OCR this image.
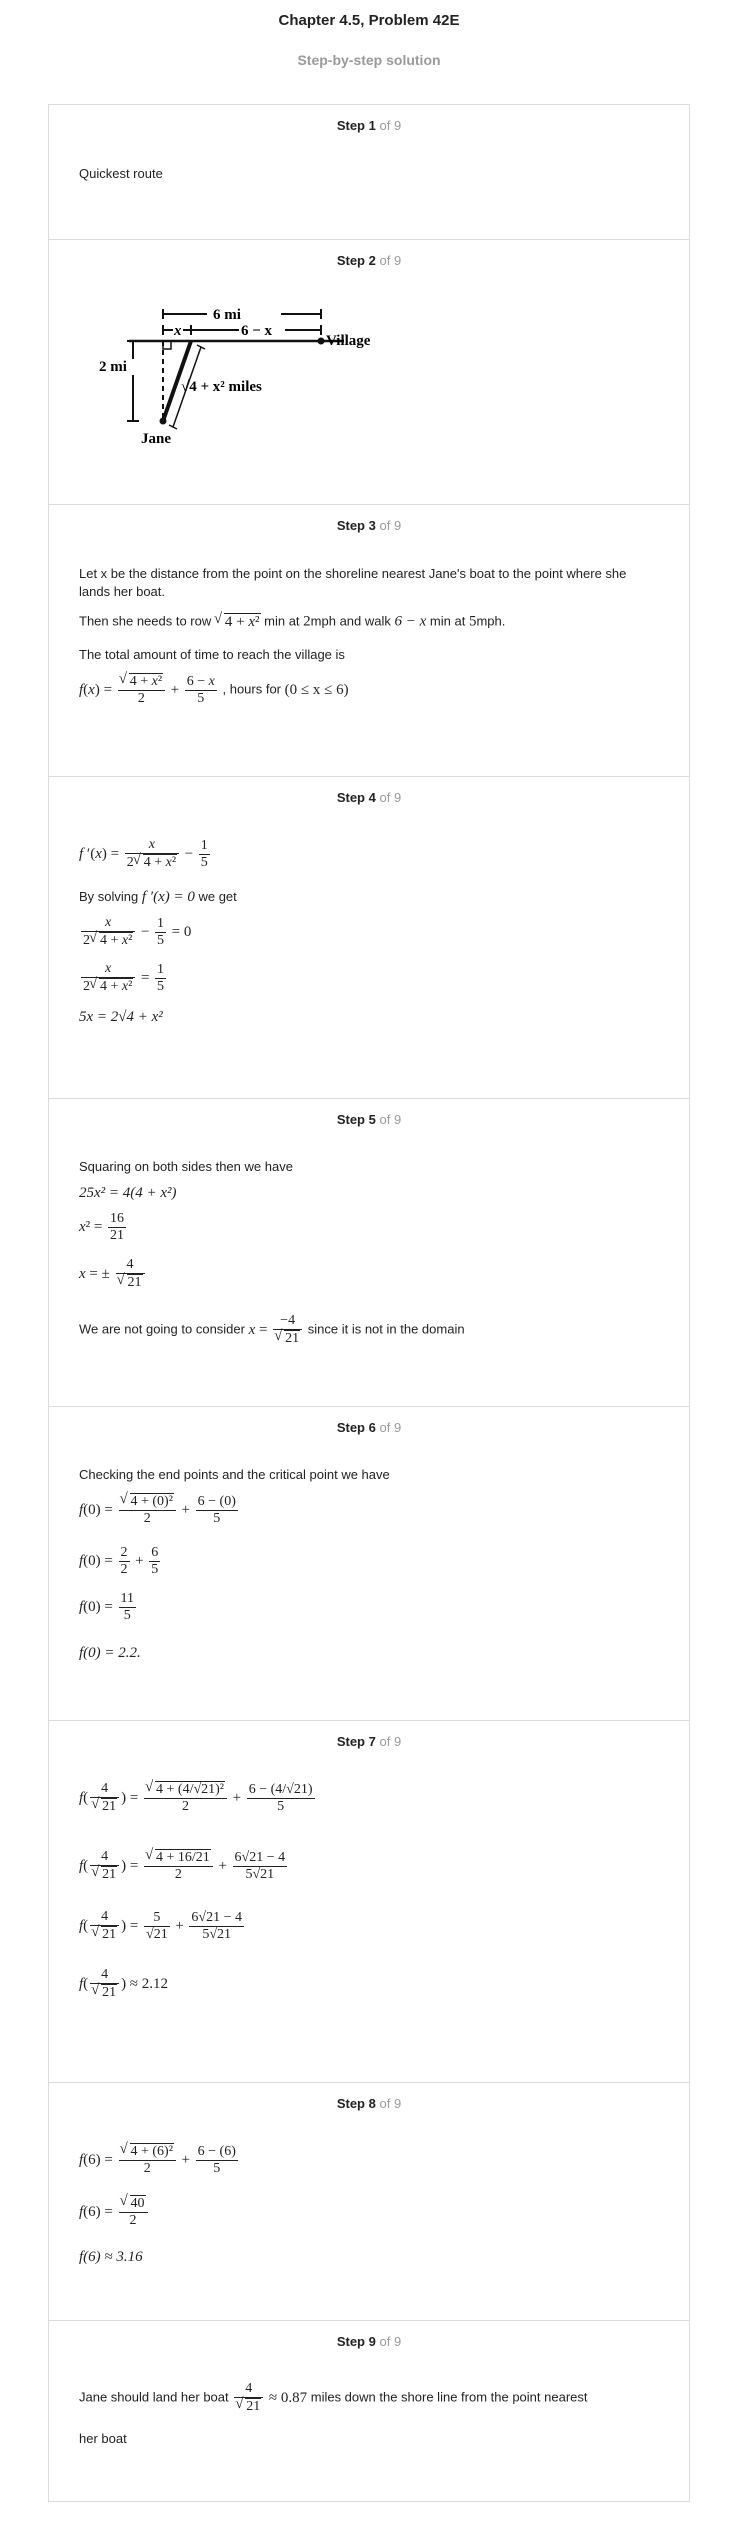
Chapter 4.5, Problem 42E
Step-by-step solution
Step 1 of 9
Quickest route
Step 2 of 9
6 mi
x	6 − x
Village
2 mi
√4 + x² miles
Jane
Step 3 of 9
Let x be the distance from the point on the shoreline nearest Jane's boat to the point where she lands her boat.
Then she needs to row √ 4 + x² min at 2mph and walk 6 − x min at 5mph.
The total amount of time to reach the village is
f(x) = √ $\frac{\text{4 + x²}}{2} + \frac{6 - x}{5}$ , hours for (0 ≤ x ≤ 6)
Step 4 of 9
f $'(x) = \frac{x}{\text{2 √ 4 + x²}} - \frac{1}{5}$
By solving f ′(x) = 0 we get
$\frac{x}{\text{2 √ 4 + x²}} - \frac{1}{5} = 0$
$\frac{x}{\text{2 √ 4 + x²}} = \frac{1}{5}$
5x = 2√4 + x²
Step 5 of 9
Squaring on both sides then we have
25x² = 4(4 + x²)
$x^2 = \frac{16}{21}$
x = ± 4
√ 21
We are not going to consider x = −4
√ 21 since it is not in the domain
Step 6 of 9
Checking the end points and the critical point we have
f(0) = √ $\frac{\text{4 + (0)²}}{2} + \frac{6 - (0)}{5}$
$f(0) = \frac{2}{2} + \frac{6}{5}$
$f(0) = \frac{11}{5}$
f(0) = 2.2.
Step 7 of 9
f( 4
√ 21 ) = √ $\frac{\text{4 + (4/√21)²}}{2} + \frac{6 - (4/√21)}{5}$
f( 4
√ 21 ) = √ $\frac{4 + 16/21}{2} + \frac{6√21 - 4}{5√21}$
f( 4
√ 21 ) = $\frac{5}{√21} + \frac{6√21 - 4}{5√21}$
f( 4
√ 21 ) ≈ 2.12
Step 8 of 9
f(6) = √ $\frac{\text{4 + (6)²}}{2} + \frac{6 - (6)}{5}$
f(6) = √ $\frac{40}{2}$
f(6) ≈ 3.16
Step 9 of 9
Jane should land her boat 4
√ 21 ≈ 0.87 miles down the shore line from the point nearest
her boat
